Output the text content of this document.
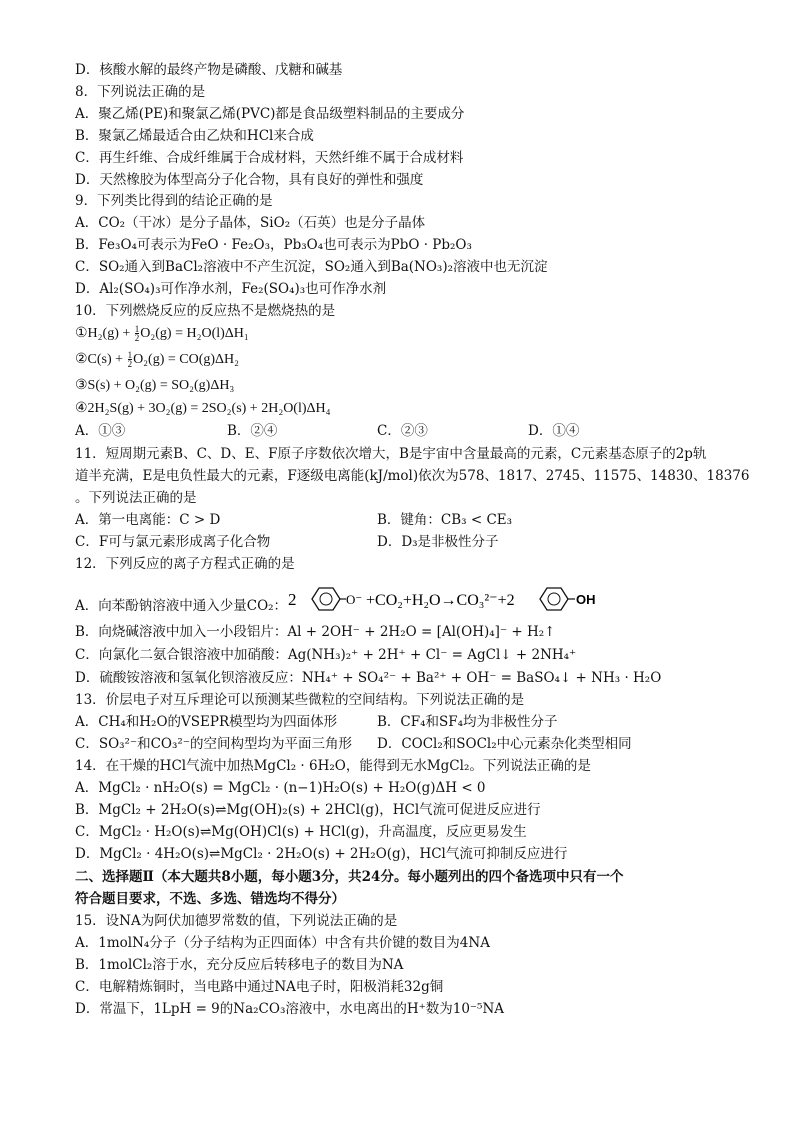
D．核酸水解的最终产物是磷酸、戊糖和碱基
8．下列说法正确的是
A．聚乙烯(PE)和聚氯乙烯(PVC)都是食品级塑料制品的主要成分
B．聚氯乙烯最适合由乙炔和HCl来合成
C．再生纤维、合成纤维属于合成材料，天然纤维不属于合成材料
D．天然橡胶为体型高分子化合物，具有良好的弹性和强度
9．下列类比得到的结论正确的是
A．CO₂（干冰）是分子晶体，SiO₂（石英）也是分子晶体
B．Fe₃O₄可表示为FeO · Fe₂O₃，Pb₃O₄也可表示为PbO · Pb₂O₃
C．SO₂通入到BaCl₂溶液中不产生沉淀，SO₂通入到Ba(NO₃)₂溶液中也无沉淀
D．Al₂(SO₄)₃可作净水剂，Fe₂(SO₄)₃也可作净水剂
10．下列燃烧反应的反应热不是燃烧热的是
①H₂(g) + $\frac{1}{2} O_2(g) = H_2O(l)\Delta H_1$
②C(s) + $\frac{1}{2} O_2(g) = CO(g)\Delta H_2$
③S(s) + O₂(g) = SO₂(g)ΔH₃
④2H₂S(g) + 3O₂(g) = 2SO₂(s) + 2H₂O(l)ΔH₄
A．①③	B．②④	C．②③	D．①④
11．短周期元素B、C、D、E、F原子序数依次增大，B是宇宙中含量最高的元素，C元素基态原子的2p轨
道半充满，E是电负性最大的元素，F逐级电离能(kJ/mol)依次为578、1817、2745、11575、14830、18376
。下列说法正确的是
A．第一电离能：C > D	B．键角：CB₃ < CE₃
C．F可与氯元素形成离子化合物	D．D₃是非极性分子
12．下列反应的离子方程式正确的是
A．向苯酚钠溶液中通入少量CO₂： 2	O⁻ +CO₂+H₂O→CO₃²⁻+2	OH
B．向烧碱溶液中加入一小段铝片：Al + 2OH⁻ + 2H₂O = [Al(OH)₄]⁻ + H₂↑
C．向氯化二氨合银溶液中加硝酸：Ag(NH₃)₂⁺ + 2H⁺ + Cl⁻ = AgCl↓ + 2NH₄⁺
D．硫酸铵溶液和氢氧化钡溶液反应：NH₄⁺ + SO₄²⁻ + Ba²⁺ + OH⁻ = BaSO₄↓ + NH₃ · H₂O
13．价层电子对互斥理论可以预测某些微粒的空间结构。下列说法正确的是
A．CH₄和H₂O的VSEPR模型均为四面体形	B．CF₄和SF₄均为非极性分子
C．SO₃²⁻和CO₃²⁻的空间构型均为平面三角形 D．COCl₂和SOCl₂中心元素杂化类型相同
14．在干燥的HCl气流中加热MgCl₂ · 6H₂O，能得到无水MgCl₂。下列说法正确的是
A．MgCl₂ · nH₂O(s) = MgCl₂ · (n−1)H₂O(s) + H₂O(g)ΔH < 0
B．MgCl₂ + 2H₂O(s)⇌Mg(OH)₂(s) + 2HCl(g)，HCl气流可促进反应进行
C．MgCl₂ · H₂O(s)⇌Mg(OH)Cl(s) + HCl(g)，升高温度，反应更易发生
D．MgCl₂ · 4H₂O(s)⇌MgCl₂ · 2H₂O(s) + 2H₂O(g)，HCl气流可抑制反应进行
二、选择题Ⅱ（本大题共8小题，每小题3分，共24分。每小题列出的四个备选项中只有一个
符合题目要求，不选、多选、错选均不得分）
15．设NA为阿伏加德罗常数的值，下列说法正确的是
A．1molN₄分子（分子结构为正四面体）中含有共价键的数目为4NA
B．1molCl₂溶于水，充分反应后转移电子的数目为NA
C．电解精炼铜时，当电路中通过NA电子时，阳极消耗32g铜
D．常温下，1LpH = 9的Na₂CO₃溶液中，水电离出的H⁺数为10⁻⁵NA
